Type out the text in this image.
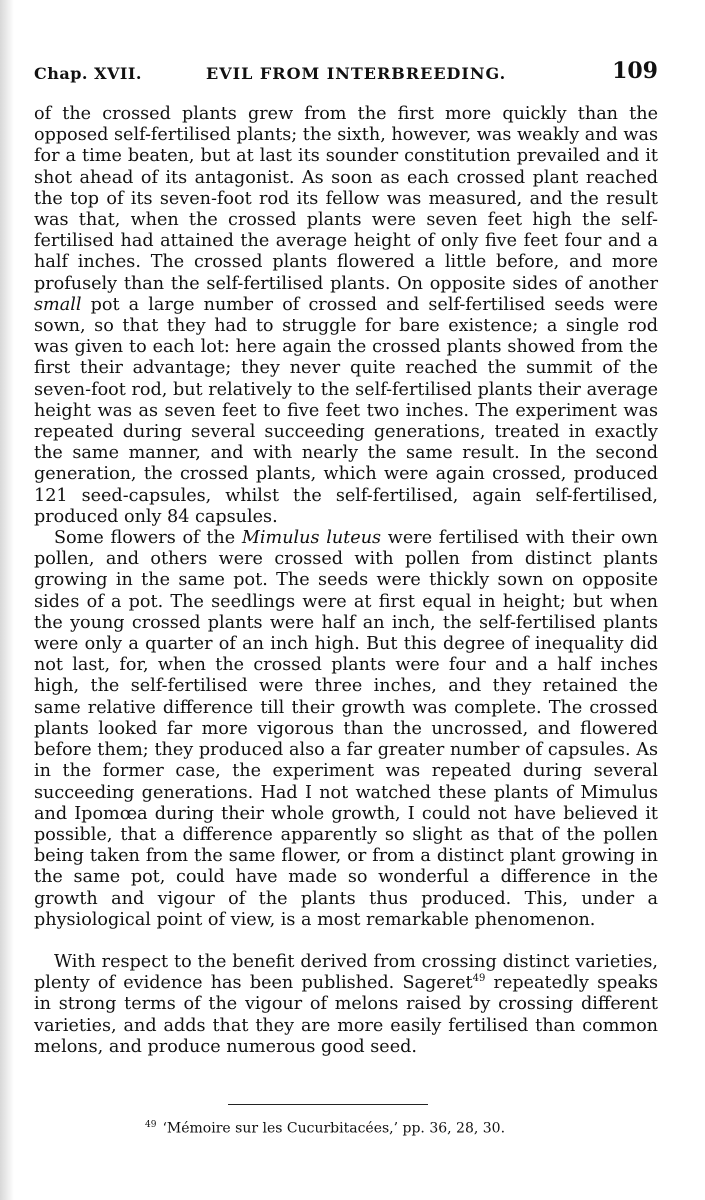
Chap. XVII.	EVIL FROM INTERBREEDING.	109

of the crossed plants grew from the first more quickly than the opposed self-fertilised plants; the sixth, however, was weakly and was for a time beaten, but at last its sounder constitution prevailed and it shot ahead of its antagonist. As soon as each crossed plant reached the top of its seven-foot rod its fellow was measured, and the result was that, when the crossed plants were seven feet high the self-fertilised had attained the average height of only five feet four and a half inches. The crossed plants flowered a little before, and more profusely than the self-fertilised plants. On opposite sides of another small pot a large number of crossed and self-fertilised seeds were sown, so that they had to struggle for bare existence; a single rod was given to each lot: here again the crossed plants showed from the first their advantage; they never quite reached the summit of the seven-foot rod, but relatively to the self-fertilised plants their average height was as seven feet to five feet two inches. The experiment was repeated during several succeeding generations, treated in exactly the same manner, and with nearly the same result. In the second generation, the crossed plants, which were again crossed, produced 121 seed-capsules, whilst the self-fertilised, again self-fertilised, produced only 84 capsules.

Some flowers of the Mimulus luteus were fertilised with their own pollen, and others were crossed with pollen from distinct plants growing in the same pot. The seeds were thickly sown on opposite sides of a pot. The seedlings were at first equal in height; but when the young crossed plants were half an inch, the self-fertilised plants were only a quarter of an inch high. But this degree of inequality did not last, for, when the crossed plants were four and a half inches high, the self-fertilised were three inches, and they retained the same relative difference till their growth was complete. The crossed plants looked far more vigorous than the uncrossed, and flowered before them; they produced also a far greater number of capsules. As in the former case, the experiment was repeated during several succeeding generations. Had I not watched these plants of Mimulus and Ipomœa during their whole growth, I could not have believed it possible, that a difference apparently so slight as that of the pollen being taken from the same flower, or from a distinct plant growing in the same pot, could have made so wonderful a difference in the growth and vigour of the plants thus produced. This, under a physiological point of view, is a most remarkable phenomenon.

With respect to the benefit derived from crossing distinct varieties, plenty of evidence has been published. Sageret$^{49}$ repeatedly speaks in strong terms of the vigour of melons raised by crossing different varieties, and adds that they are more easily fertilised than common melons, and produce numerous good seed.

$^{49}$ ‘Mémoire sur les Cucurbitacées,’ pp. 36, 28, 30.
